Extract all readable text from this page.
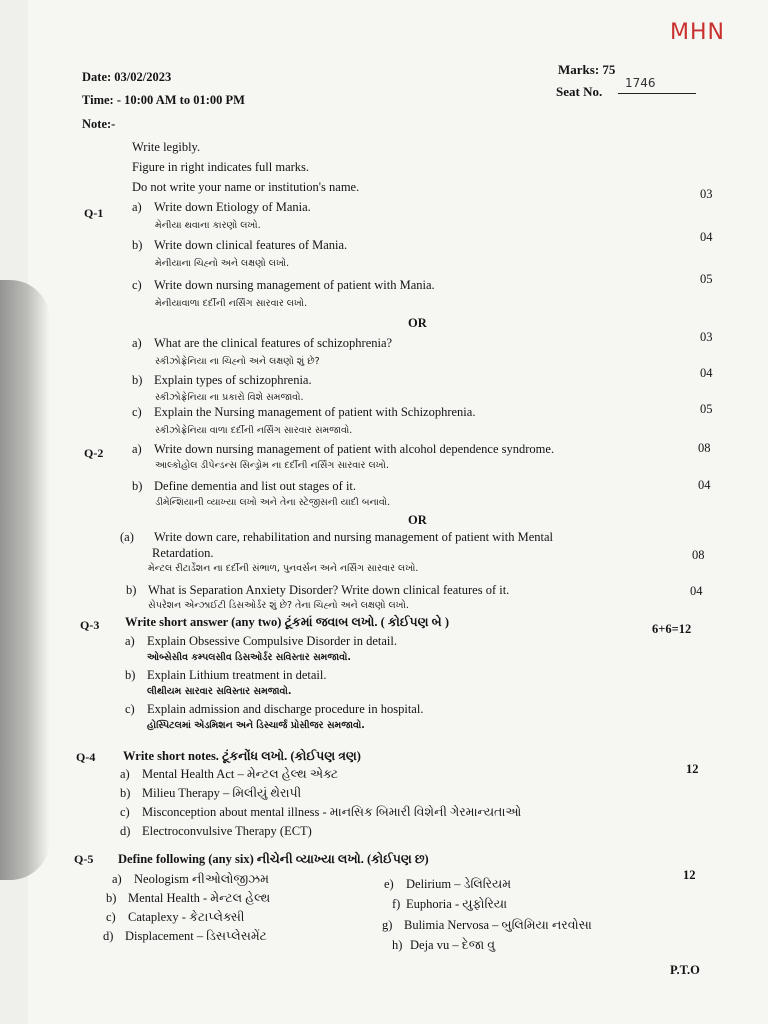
MHN
Date: 03/02/2023
Time: - 10:00 AM to 01:00 PM
Note:-
Marks: 75
Seat No.
1746
Write legibly.
Figure in right indicates full marks.
Do not write your name or institution's name.
Q-1 a) Write down Etiology of Mania.
મેનીયા થવાના કારણો લખો.
03
b) Write down clinical features of Mania.
મેનીયાના ચિહ્નો અને લક્ષણો લખો.
04
c) Write down nursing management of patient with Mania.
મેનીયાવાળા દર્દીની નર્સિંગ સારવાર લખો.
05
OR
a) What are the clinical features of schizophrenia?
સ્કીઝોફ્રેનિયા ના ચિહ્નો અને લક્ષણો શું છે?
03
b) Explain types of schizophrenia.
સ્કીઝોફ્રેનિયા ના પ્રકારો વિશે સમજાવો.
04
c) Explain the Nursing management of patient with Schizophrenia.
સ્કીઝોફ્રેનિયા વાળા દર્દીની નર્સિંગ સારવાર સમજાવો.
05
Q-2 a) Write down nursing management of patient with alcohol dependence syndrome.
આલ્કોહોલ ડીપેન્ડન્સ સિન્ડ્રોમ ના દર્દીની નર્સિંગ સારવાર લખો.
08
b) Define dementia and list out stages of it.
ડીમેન્શિયાની વ્યાખ્યા લખો અને તેના સ્ટેજીસની યાદી બનાવો.
04
OR
(a) Write down care, rehabilitation and nursing management of patient with Mental
Retardation.
મેન્ટલ રીટાર્ડેશન ના દર્દીની સંભાળ, પુનવર્સન અને નર્સિંગ સારવાર લખો.
08
b) What is Separation Anxiety Disorder? Write down clinical features of it.
સેપરેશન એન્ઝાઈટી ડિસઓર્ડર શું છે? તેના ચિહ્નો અને લક્ષણો લખો.
04
Q-3 Write short answer (any two) ટૂંકમાં જવાબ લખો. ( કોઈપણ બે )	6+6=12
a) Explain Obsessive Compulsive Disorder in detail.
ઓબ્સેસીવ કમ્પલસીવ ડિસઓર્ડર સવિસ્તાર સમજાવો.
b) Explain Lithium treatment in detail.
લીથીયમ સારવાર સવિસ્તાર સમજાવો.
c) Explain admission and discharge procedure in hospital.
હોસ્પિટલમાં એડમિશન અને ડિસ્ચાર્જ પ્રોસીજર સમજાવો.
Q-4 Write short notes. ટૂંકનોંધ લખો. (કોઈપણ ત્રણ)
12
a) Mental Health Act – મેન્ટલ હેલ્થ એક્ટ
b) Milieu Therapy – મિલીયું થેરાપી
c) Misconception about mental illness - માનસિક બિમારી વિશેની ગેરમાન્યતાઓ
d) Electroconvulsive Therapy (ECT)
Q-5 Define following (any six) નીચેની વ્યાખ્યા લખો. (કોઈપણ છ)
12
a) Neologism નીઓલોજીઝમ
b) Mental Health - મેન્ટલ હેલ્થ
c) Cataplexy - કેટાપ્લેક્સી
d) Displacement – ડિસપ્લેસમેંટ
e) Delirium – ડેલિરિયમ
f) Euphoria - યુફોરિયા
g) Bulimia Nervosa – બુલિમિયા નરવોસા
h) Deja vu – દેજા વુ
P.T.O
